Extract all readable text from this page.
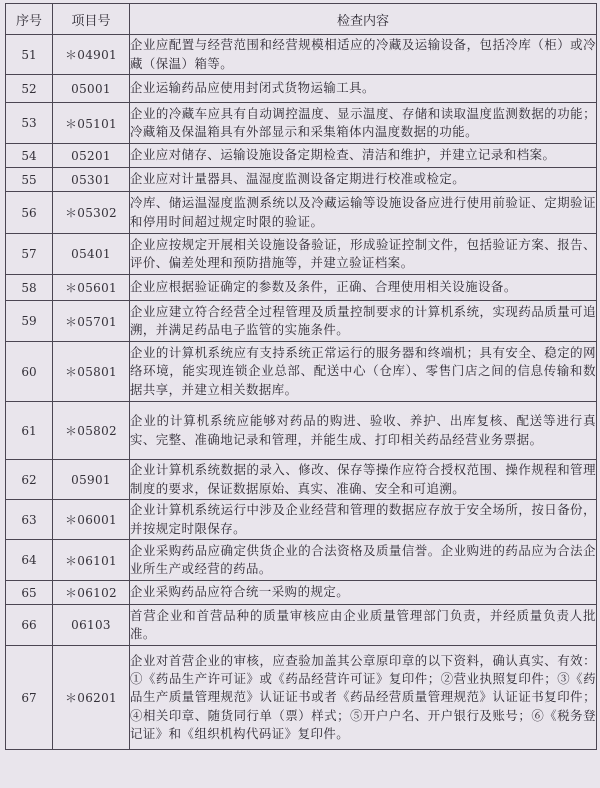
序号	项目号	检查内容
51	＊04901	企业应配置与经营范围和经营规模相适应的冷藏及运输设备，包括冷库（柜）或冷藏（保温）箱等。
52	05001	企业运输药品应使用封闭式货物运输工具。
53	＊05101	企业的冷藏车应具有自动调控温度、显示温度、存储和读取温度监测数据的功能；冷藏箱及保温箱具有外部显示和采集箱体内温度数据的功能。
54	05201	企业应对储存、运输设施设备定期检查、清洁和维护，并建立记录和档案。
55	05301	企业应对计量器具、温湿度监测设备定期进行校准或检定。
56	＊05302	冷库、储运温湿度监测系统以及冷藏运输等设施设备应进行使用前验证、定期验证和停用时间超过规定时限的验证。
57	05401	企业应按规定开展相关设施设备验证，形成验证控制文件，包括验证方案、报告、评价、偏差处理和预防措施等，并建立验证档案。
58	＊05601	企业应根据验证确定的参数及条件，正确、合理使用相关设施设备。
59	＊05701	企业应建立符合经营全过程管理及质量控制要求的计算机系统，实现药品质量可追溯，并满足药品电子监管的实施条件。
60	＊05801	企业的计算机系统应有支持系统正常运行的服务器和终端机；具有安全、稳定的网络环境，能实现连锁企业总部、配送中心（仓库）、零售门店之间的信息传输和数据共享，并建立相关数据库。
61	＊05802	企业的计算机系统应能够对药品的购进、验收、养护、出库复核、配送等进行真实、完整、准确地记录和管理，并能生成、打印相关药品经营业务票据。
62	05901	企业计算机系统数据的录入、修改、保存等操作应符合授权范围、操作规程和管理制度的要求，保证数据原始、真实、准确、安全和可追溯。
63	＊06001	企业计算机系统运行中涉及企业经营和管理的数据应存放于安全场所，按日备份，并按规定时限保存。
64	＊06101	企业采购药品应确定供货企业的合法资格及质量信誉。企业购进的药品应为合法企业所生产或经营的药品。
65	＊06102	企业采购药品应符合统一采购的规定。
66	06103	首营企业和首营品种的质量审核应由企业质量管理部门负责，并经质量负责人批准。
67	＊06201	企业对首营企业的审核，应查验加盖其公章原印章的以下资料，确认真实、有效：①《药品生产许可证》或《药品经营许可证》复印件；②营业执照复印件；③《药品生产质量管理规范》认证证书或者《药品经营质量管理规范》认证证书复印件；④相关印章、随货同行单（票）样式；⑤开户户名、开户银行及账号；⑥《税务登记证》和《组织机构代码证》复印件。
